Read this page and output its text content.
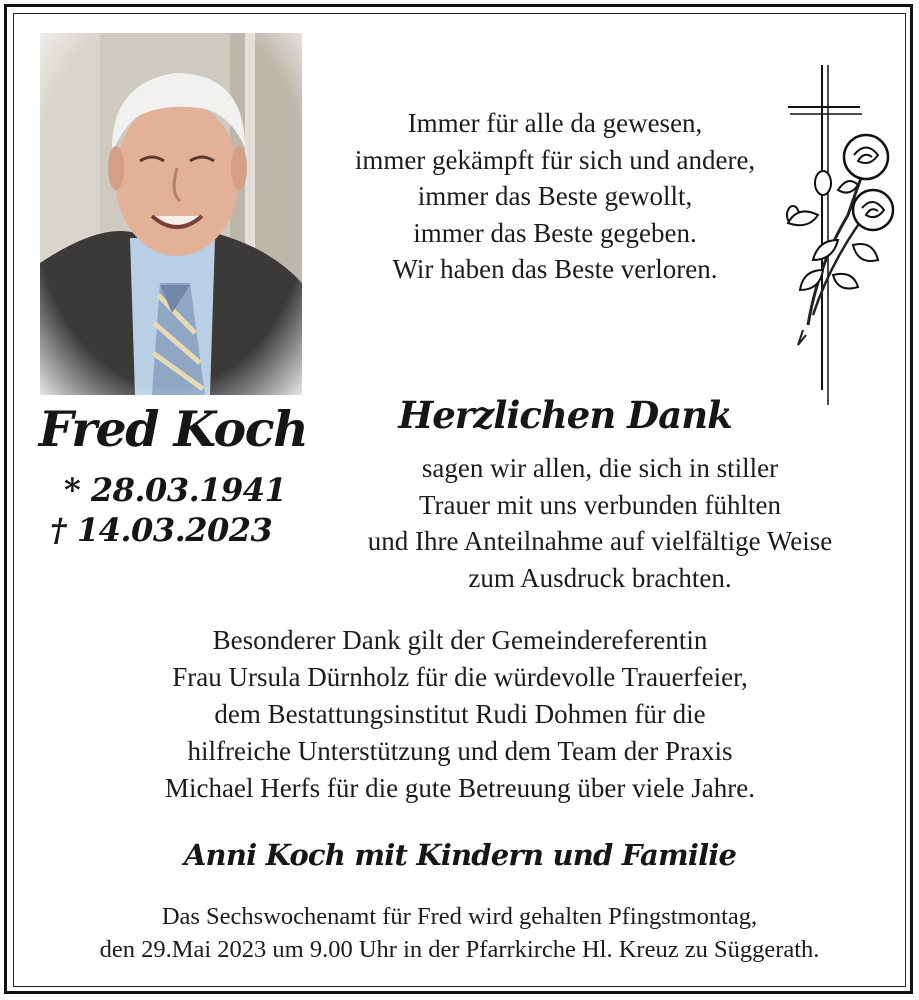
Immer für alle da gewesen,
immer gekämpft für sich und andere,
immer das Beste gewollt,
immer das Beste gegeben.
Wir haben das Beste verloren.
Fred Koch
* 28.03.1941
† 14.03.2023
Herzlichen Dank
sagen wir allen, die sich in stiller
Trauer mit uns verbunden fühlten
und Ihre Anteilnahme auf vielfältige Weise
zum Ausdruck brachten.
Besonderer Dank gilt der Gemeindereferentin
Frau Ursula Dürnholz für die würdevolle Trauerfeier,
dem Bestattungsinstitut Rudi Dohmen für die
hilfreiche Unterstützung und dem Team der Praxis
Michael Herfs für die gute Betreuung über viele Jahre.
Anni Koch mit Kindern und Familie
Das Sechswochenamt für Fred wird gehalten Pfingstmontag,
den 29.Mai 2023 um 9.00 Uhr in der Pfarrkirche Hl. Kreuz zu Süggerath.
